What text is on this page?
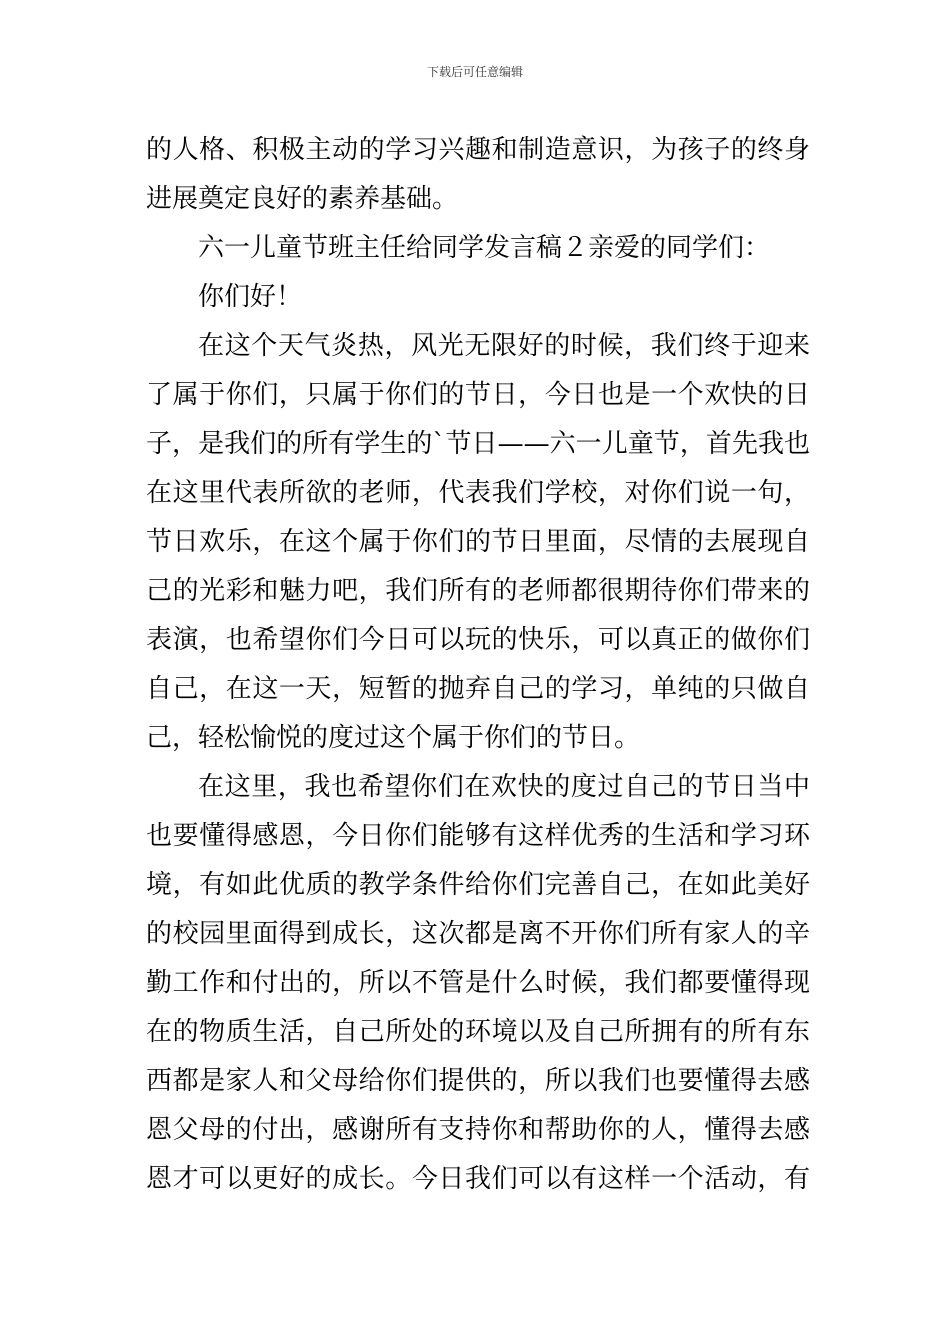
下载后可任意编辑

的人格、积极主动的学习兴趣和制造意识，为孩子的终身
进展奠定良好的素养基础。

六一儿童节班主任给同学发言稿２亲爱的同学们：

你们好！

在这个天气炎热，风光无限好的时候，我们终于迎来
了属于你们，只属于你们的节日，今日也是一个欢快的日
子，是我们的所有学生的`节日——六一儿童节，首先我也
在这里代表所欲的老师，代表我们学校，对你们说一句，
节日欢乐，在这个属于你们的节日里面，尽情的去展现自
己的光彩和魅力吧，我们所有的老师都很期待你们带来的
表演，也希望你们今日可以玩的快乐，可以真正的做你们
自己，在这一天，短暂的抛弃自己的学习，单纯的只做自
己，轻松愉悦的度过这个属于你们的节日。

在这里，我也希望你们在欢快的度过自己的节日当中
也要懂得感恩，今日你们能够有这样优秀的生活和学习环
境，有如此优质的教学条件给你们完善自己，在如此美好
的校园里面得到成长，这次都是离不开你们所有家人的辛
勤工作和付出的，所以不管是什么时候，我们都要懂得现
在的物质生活，自己所处的环境以及自己所拥有的所有东
西都是家人和父母给你们提供的，所以我们也要懂得去感
恩父母的付出，感谢所有支持你和帮助你的人，懂得去感
恩才可以更好的成长。今日我们可以有这样一个活动，有
